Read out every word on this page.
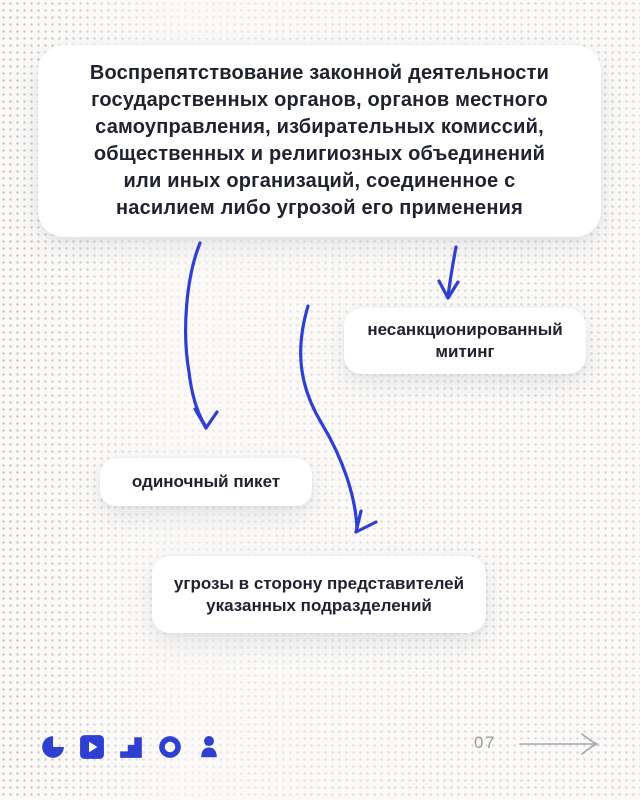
Воспрепятствование законной деятельности государственных органов, органов местного самоуправления, избирательных комиссий, общественных и религиозных объединений или иных организаций, соединенное с насилием либо угрозой его применения
несанкционированный митинг
одиночный пикет
угрозы в сторону представителей указанных подразделений
07
